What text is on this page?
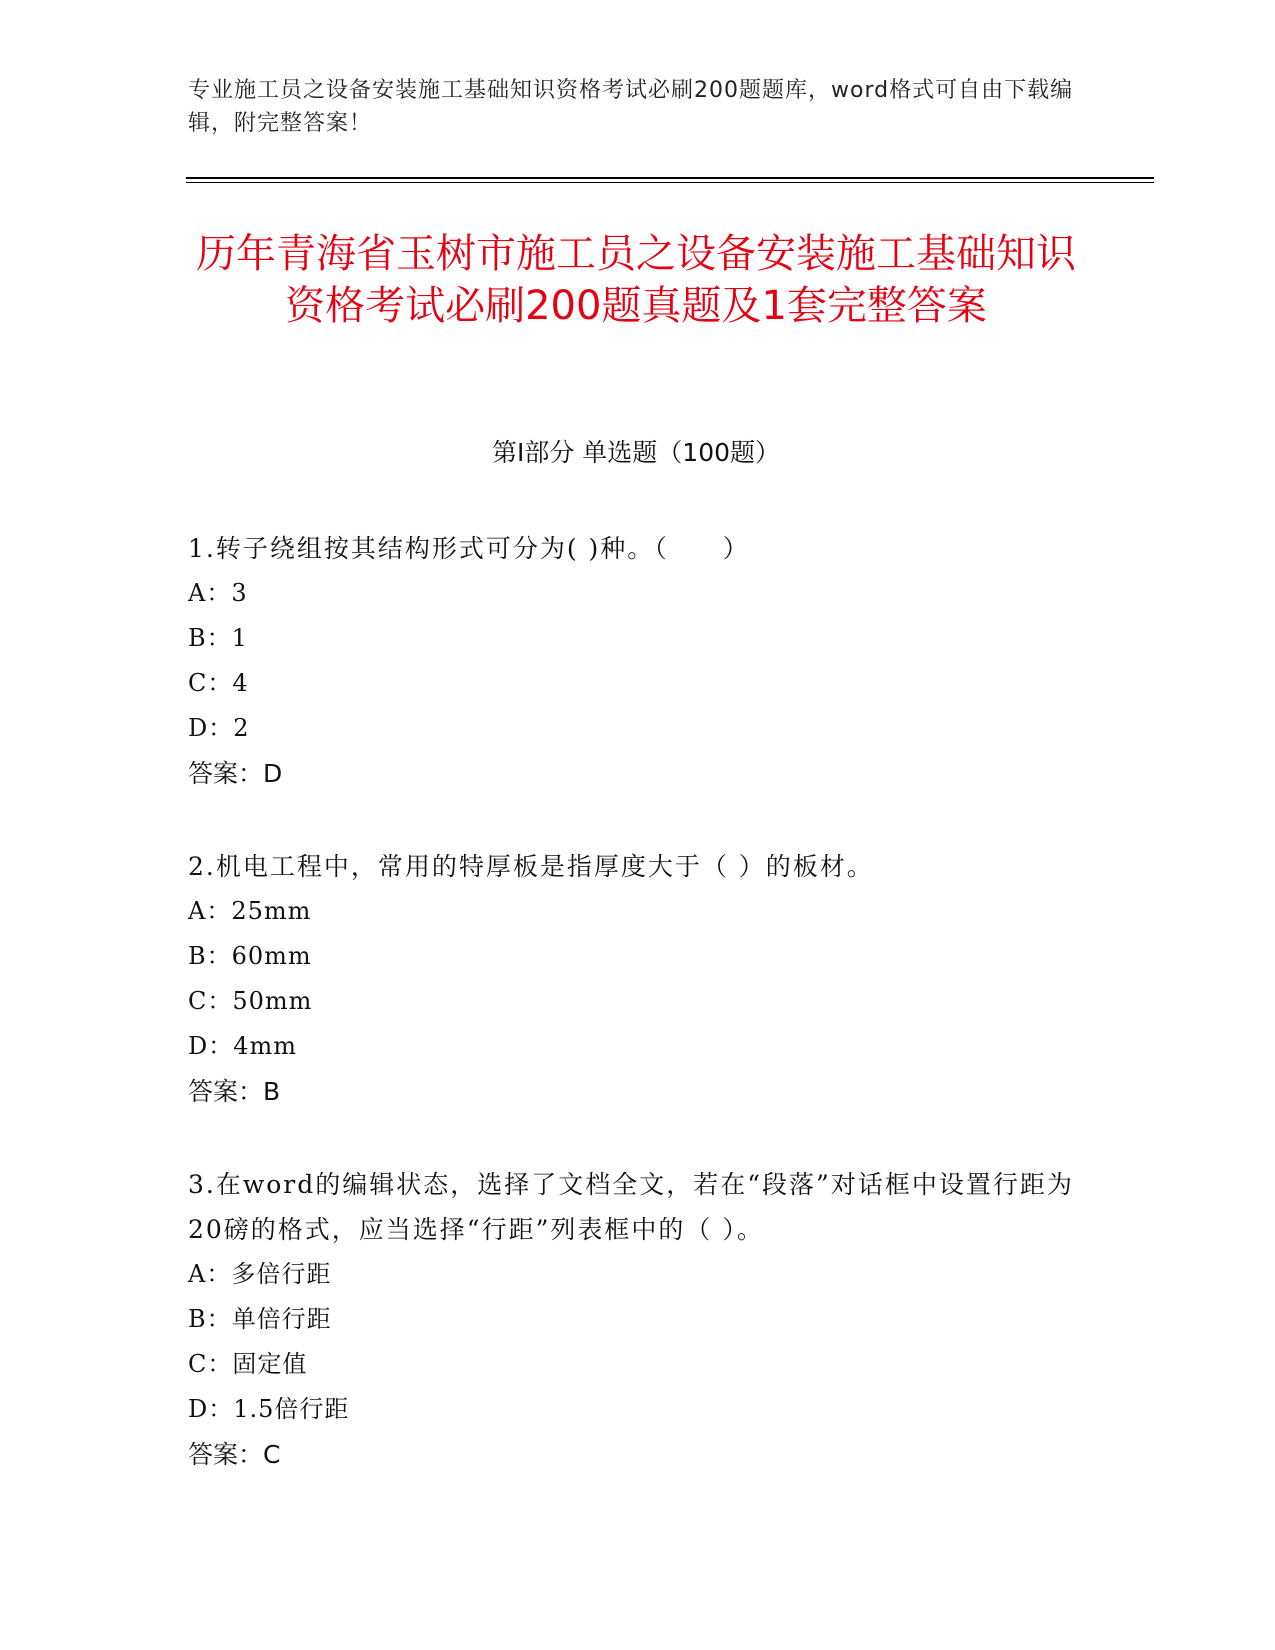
专业施工员之设备安装施工基础知识资格考试必刷200题题库，word格式可自由下载编辑，附完整答案！
历年青海省玉树市施工员之设备安装施工基础知识资格考试必刷200题真题及1套完整答案
第Ⅰ部分 单选题（100题）
1.转子绕组按其结构形式可分为( )种。（　　）
A：3
B：1
C：4
D：2
答案：D
2.机电工程中，常用的特厚板是指厚度大于（ ）的板材。
A：25mm
B：60mm
C：50mm
D：4mm
答案：B
3.在word的编辑状态，选择了文档全文，若在“段落”对话框中设置行距为20磅的格式，应当选择“行距”列表框中的（ ）。
A：多倍行距
B：单倍行距
C：固定值
D：1.5倍行距
答案：C
